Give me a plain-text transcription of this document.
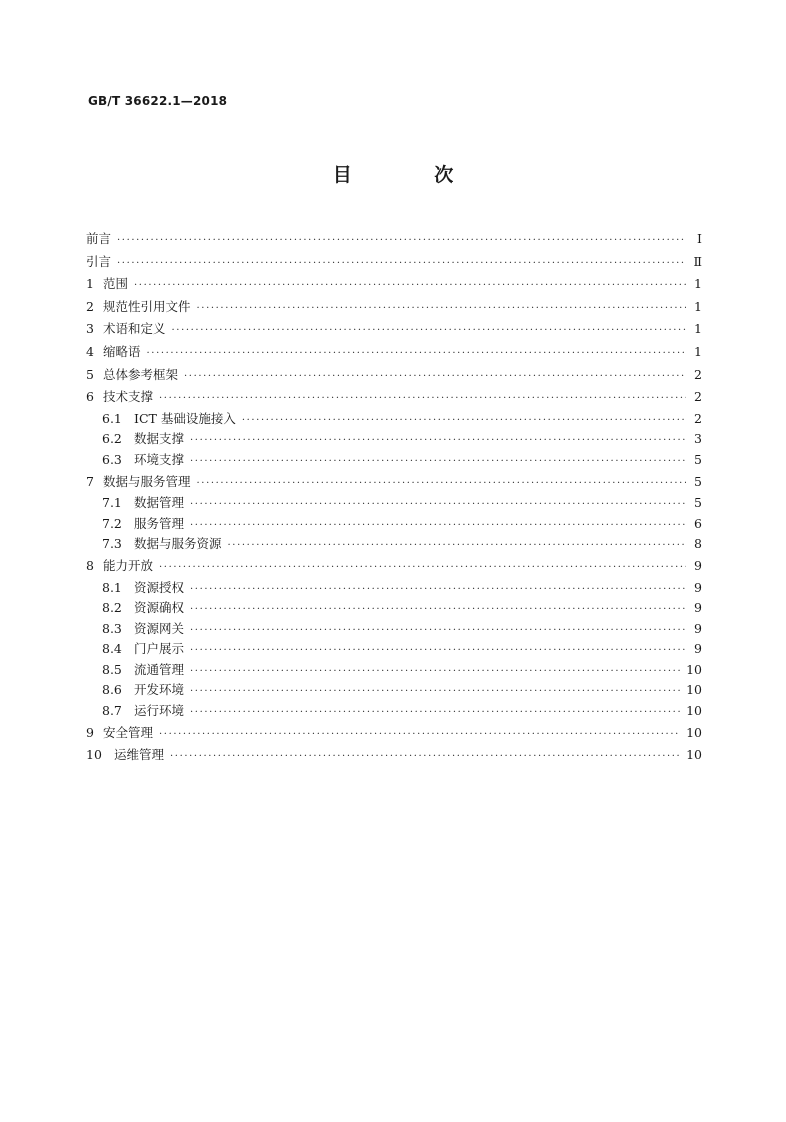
GB/T 36622.1—2018
目 次
前言 ·····	Ⅰ
引言 ·····	Ⅱ
1 范围 ·····	1
2 规范性引用文件 ·····	1
3 术语和定义 ·····	1
4 缩略语 ·····	1
5 总体参考框架 ·····	2
6 技术支撑 ·····	2
6.1 ICT 基础设施接入 ·····	2
6.2 数据支撑 ·····	3
6.3 环境支撑 ·····	5
7 数据与服务管理 ·····	5
7.1 数据管理 ·····	5
7.2 服务管理 ·····	6
7.3 数据与服务资源 ·····	8
8 能力开放 ·····	9
8.1 资源授权 ·····	9
8.2 资源确权 ·····	9
8.3 资源网关 ·····	9
8.4 门户展示 ·····	9
8.5 流通管理 ·····	10
8.6 开发环境 ·····	10
8.7 运行环境 ·····	10
9 安全管理 ·····	10
10 运维管理 ·····	10
